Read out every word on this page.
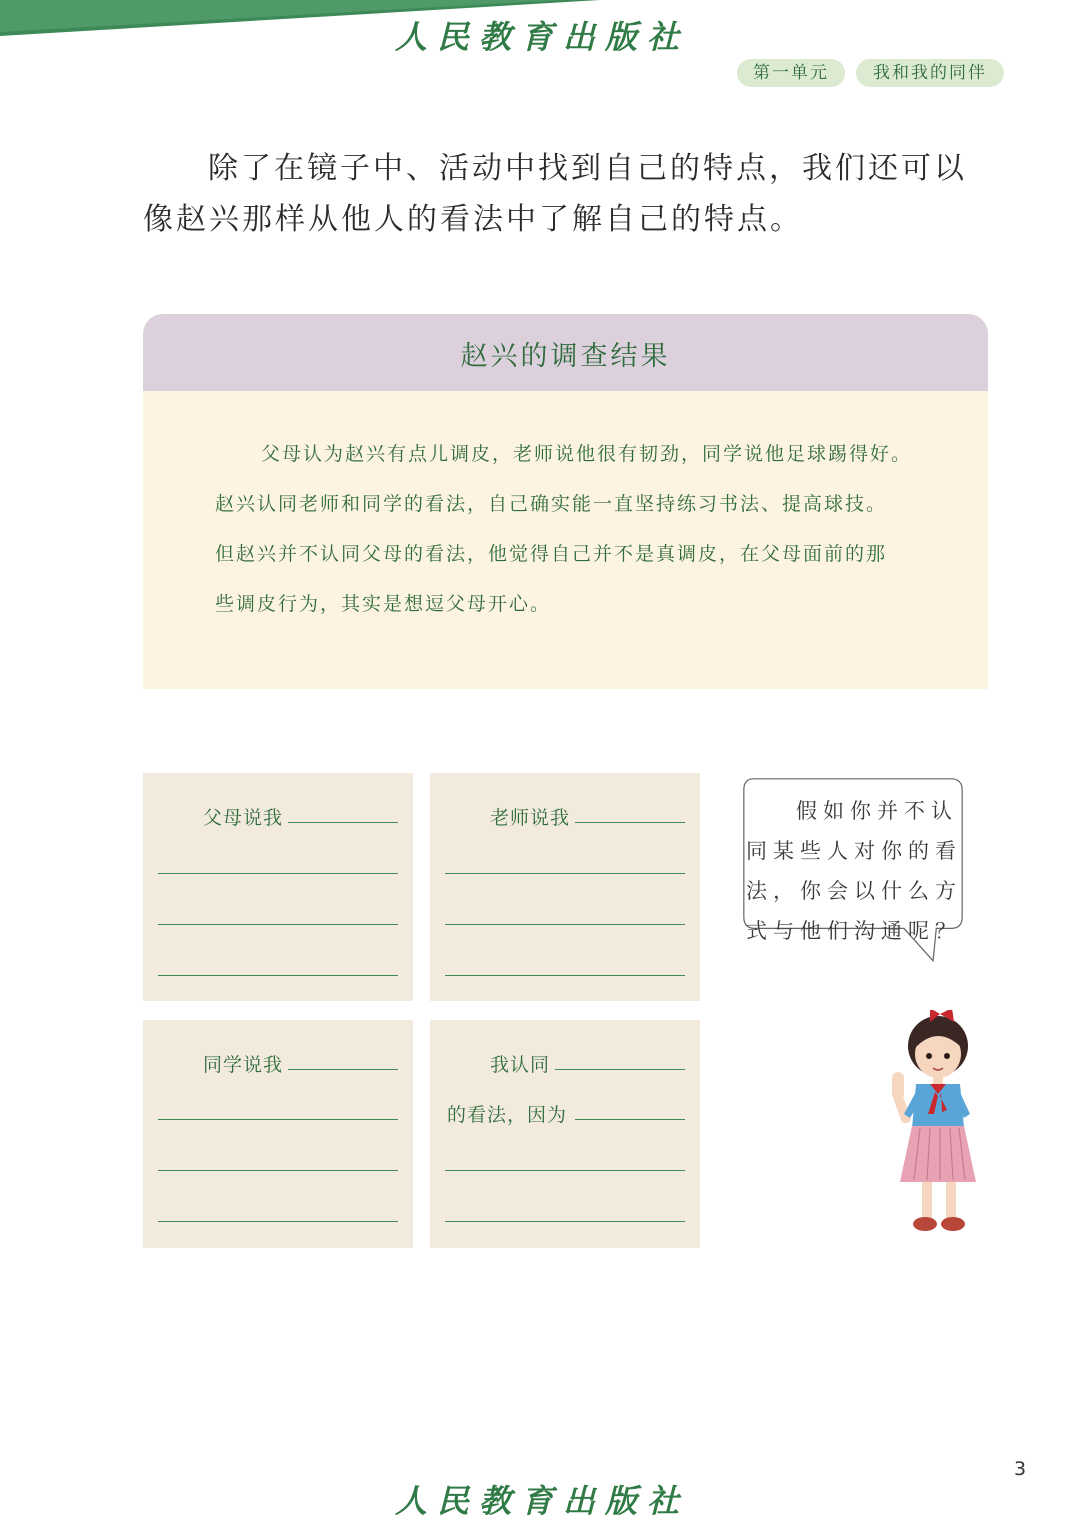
人民教育出版社
第一单元	我和我的同伴
除了在镜子中、活动中找到自己的特点，我们还可以
像赵兴那样从他人的看法中了解自己的特点。
赵兴的调查结果
父母认为赵兴有点儿调皮，老师说他很有韧劲，同学说他足球踢得好。
赵兴认同老师和同学的看法，自己确实能一直坚持练习书法、提高球技。
但赵兴并不认同父母的看法，他觉得自己并不是真调皮，在父母面前的那
些调皮行为，其实是想逗父母开心。
父母说我	老师说我
同学说我	我认同
的看法，因为
假如你并不认
同某些人对你的看
法，你会以什么方
式与他们沟通呢？
人民教育出版社
3
